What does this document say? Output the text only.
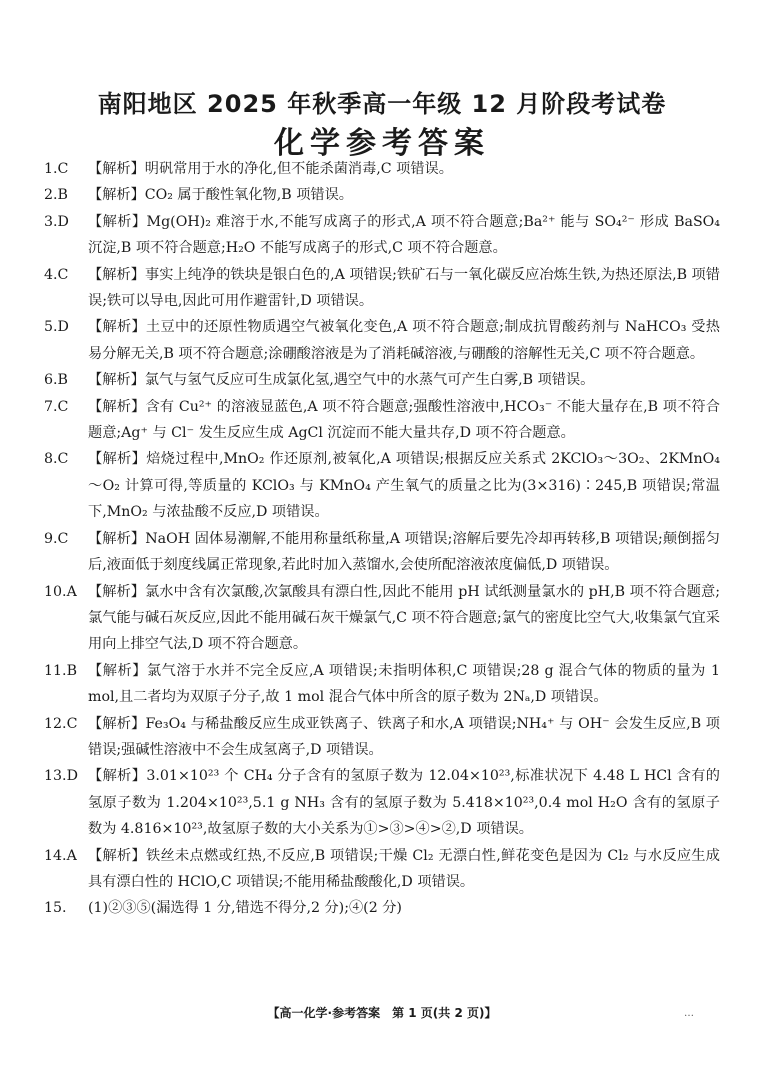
南阳地区 2025 年秋季高一年级 12 月阶段考试卷
化学参考答案
1.C	【解析】明矾常用于水的净化,但不能杀菌消毒,C 项错误。
2.B	【解析】CO₂ 属于酸性氧化物,B 项错误。
3.D	【解析】Mg(OH)₂ 难溶于水,不能写成离子的形式,A 项不符合题意;Ba²⁺ 能与 SO₄²⁻ 形成 BaSO₄ 沉淀,B 项不符合题意;H₂O 不能写成离子的形式,C 项不符合题意。
4.C	【解析】事实上纯净的铁块是银白色的,A 项错误;铁矿石与一氧化碳反应冶炼生铁,为热还原法,B 项错误;铁可以导电,因此可用作避雷针,D 项错误。
5.D	【解析】土豆中的还原性物质遇空气被氧化变色,A 项不符合题意;制成抗胃酸药剂与 NaHCO₃ 受热易分解无关,B 项不符合题意;涂硼酸溶液是为了消耗碱溶液,与硼酸的溶解性无关,C 项不符合题意。
6.B	【解析】氯气与氢气反应可生成氯化氢,遇空气中的水蒸气可产生白雾,B 项错误。
7.C	【解析】含有 Cu²⁺ 的溶液显蓝色,A 项不符合题意;强酸性溶液中,HCO₃⁻ 不能大量存在,B 项不符合题意;Ag⁺ 与 Cl⁻ 发生反应生成 AgCl 沉淀而不能大量共存,D 项不符合题意。
8.C	【解析】焙烧过程中,MnO₂ 作还原剂,被氧化,A 项错误;根据反应关系式 2KClO₃～3O₂、2KMnO₄～O₂ 计算可得,等质量的 KClO₃ 与 KMnO₄ 产生氧气的质量之比为(3×316)∶245,B 项错误;常温下,MnO₂ 与浓盐酸不反应,D 项错误。
9.C	【解析】NaOH 固体易潮解,不能用称量纸称量,A 项错误;溶解后要先冷却再转移,B 项错误;颠倒摇匀后,液面低于刻度线属正常现象,若此时加入蒸馏水,会使所配溶液浓度偏低,D 项错误。
10.A 【解析】氯水中含有次氯酸,次氯酸具有漂白性,因此不能用 pH 试纸测量氯水的 pH,B 项不符合题意;氯气能与碱石灰反应,因此不能用碱石灰干燥氯气,C 项不符合题意;氯气的密度比空气大,收集氯气宜采用向上排空气法,D 项不符合题意。
11.B 【解析】氯气溶于水并不完全反应,A 项错误;未指明体积,C 项错误;28 g 混合气体的物质的量为 1 mol,且二者均为双原子分子,故 1 mol 混合气体中所含的原子数为 2Nₐ,D 项错误。
12.C 【解析】Fe₃O₄ 与稀盐酸反应生成亚铁离子、铁离子和水,A 项错误;NH₄⁺ 与 OH⁻ 会发生反应,B 项错误;强碱性溶液中不会生成氢离子,D 项错误。
13.D 【解析】3.01×10²³ 个 CH₄ 分子含有的氢原子数为 12.04×10²³,标准状况下 4.48 L HCl 含有的氢原子数为 1.204×10²³,5.1 g NH₃ 含有的氢原子数为 5.418×10²³,0.4 mol H₂O 含有的氢原子数为 4.816×10²³,故氢原子数的大小关系为①>③>④>②,D 项错误。
14.A 【解析】铁丝未点燃或红热,不反应,B 项错误;干燥 Cl₂ 无漂白性,鲜花变色是因为 Cl₂ 与水反应生成具有漂白性的 HClO,C 项错误;不能用稀盐酸酸化,D 项错误。
15.	(1)②③⑤(漏选得 1 分,错选不得分,2 分);④(2 分)
【高一化学·参考答案　第 1 页(共 2 页)】	…
